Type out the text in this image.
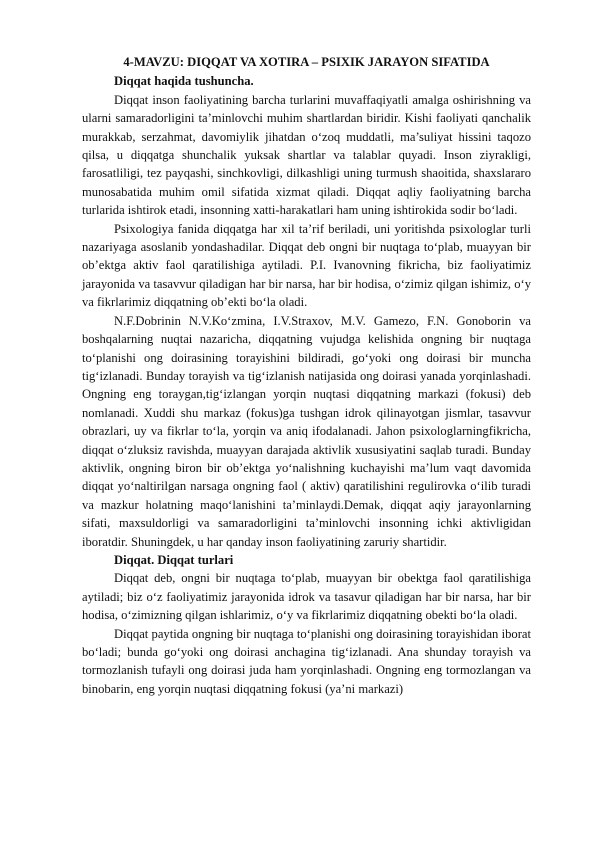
4-MAVZU: DIQQAT VA XOTIRA – PSIXIK JARAYON SIFATIDA
Diqqat haqida tushuncha.

Diqqat inson faoliyatining barcha turlarini muvaffaqiyatli amalga oshirishning va ularni samaradorligini ta’minlovchi muhim shartlardan biridir. Kishi faoliyati qanchalik murakkab, serzahmat, davomiylik jihatdan o‘zoq muddatli, ma’suliyat hissini taqozo qilsa, u diqqatga shunchalik yuksak shartlar va talablar quyadi. Inson ziyrakligi, farosatliligi, tez payqashi, sinchkovligi, dilkashligi uning turmush shaoitida, shaxslararo munosabatida muhim omil sifatida xizmat qiladi. Diqqat aqliy faoliyatning barcha turlarida ishtirok etadi, insonning xatti-harakatlari ham uning ishtirokida sodir bo‘ladi.

Psixologiya fanida diqqatga har xil ta’rif beriladi, uni yoritishda psixologlar turli nazariyaga asoslanib yondashadilar. Diqqat deb ongni bir nuqtaga to‘plab, muayyan bir ob’ektga aktiv faol qaratilishiga aytiladi. P.I. Ivanovning fikricha, biz faoliyatimiz jarayonida va tasavvur qiladigan har bir narsa, har bir hodisa, o‘zimiz qilgan ishimiz, o‘y va fikrlarimiz diqqatning ob’ekti bo‘la oladi.

N.F.Dobrinin N.V.Ko‘zmina, I.V.Straxov, M.V. Gamezo, F.N. Gonoborin va boshqalarning nuqtai nazaricha, diqqatning vujudga kelishida ongning bir nuqtaga to‘planishi ong doirasining torayishini bildiradi, go‘yoki ong doirasi bir muncha tig‘izlanadi. Bunday torayish va tig‘izlanish natijasida ong doirasi yanada yorqinlashadi. Ongning eng toraygan,tig‘izlangan yorqin nuqtasi diqqatning markazi (fokusi) deb nomlanadi. Xuddi shu markaz (fokus)ga tushgan idrok qilinayotgan jismlar, tasavvur obrazlari, uy va fikrlar to‘la, yorqin va aniq ifodalanadi. Jahon psixologlarningfikricha, diqqat o‘zluksiz ravishda, muayyan darajada aktivlik xususiyatini saqlab turadi. Bunday aktivlik, ongning biron bir ob’ektga yo‘nalishning kuchayishi ma’lum vaqt davomida diqqat yo‘naltirilgan narsaga ongning faol ( aktiv) qaratilishini regulirovka o‘ilib turadi va mazkur holatning maqo‘lanishini ta’minlaydi.Demak, diqqat aqiy jarayonlarning sifati, maxsuldorligi va samaradorligini ta’minlovchi insonning ichki aktivligidan iboratdir. Shuningdek, u har qanday inson faoliyatining zaruriy shartidir.

Diqqat. Diqqat turlari

Diqqat deb, ongni bir nuqtaga to‘plab, muayyan bir obektga faol qaratilishiga aytiladi; biz o‘z faoliyatimiz jarayonida idrok va tasavur qiladigan har bir narsa, har bir hodisa, o‘zimizning qilgan ishlarimiz, o‘y va fikrlarimiz diqqatning obekti bo‘la oladi.

Diqqat paytida ongning bir nuqtaga to‘planishi ong doirasining torayishidan iborat bo‘ladi; bunda go‘yoki ong doirasi anchagina tig‘izlanadi. Ana shunday torayish va tormozlanish tufayli ong doirasi juda ham yorqinlashadi. Ongning eng tormozlangan va binobarin, eng yorqin nuqtasi diqqatning fokusi (ya’ni markazi)
